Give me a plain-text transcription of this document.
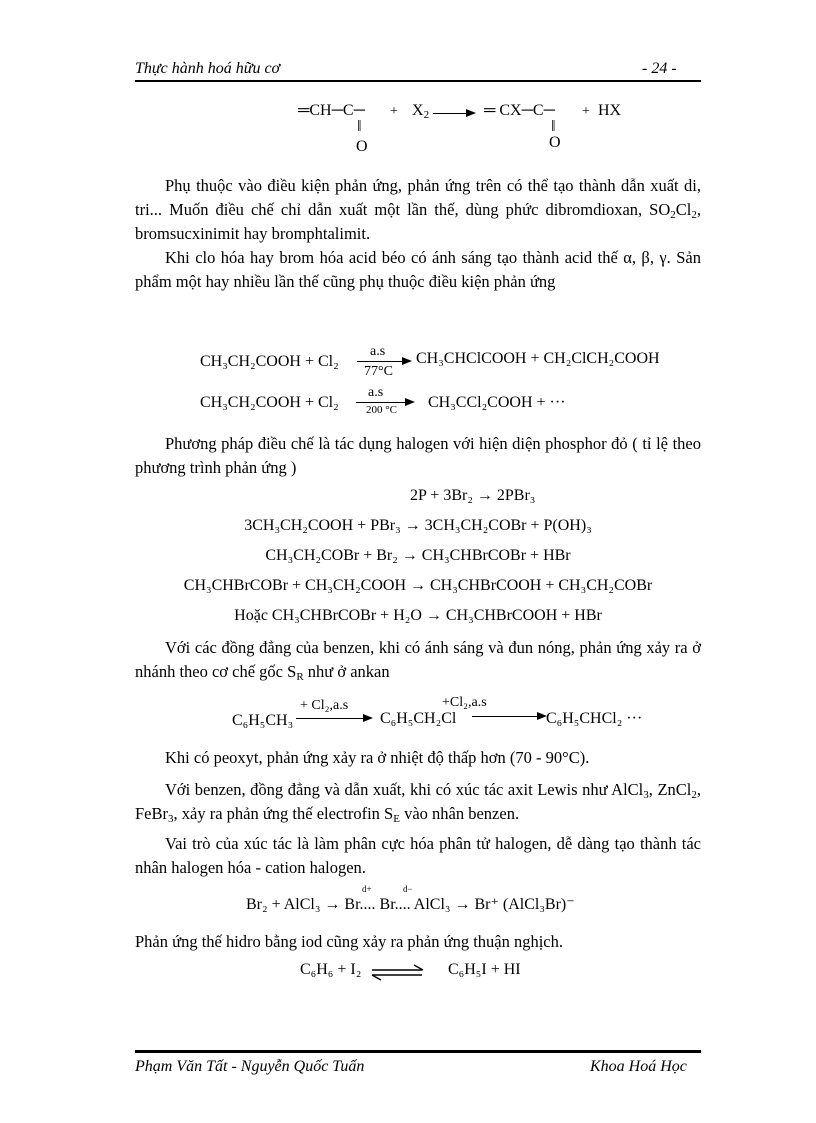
Thực hành hoá hữu cơ	- 24 -
═CH─C─ + $X_2$	═ CX─C─ + HX
‖
O
‖
O

Phụ thuộc vào điều kiện phản ứng, phản ứng trên có thể tạo thành dẫn xuất di, tri... Muốn điều chế chỉ dẫn xuất một lần thế, dùng phức dibromdioxan, $SO_2Cl_2$, bromsucxinimit hay bromphtalimit.

Khi clo hóa hay brom hóa acid béo có ánh sáng tạo thành acid thế α, β, γ. Sản phẩm một hay nhiều lần thế cũng phụ thuộc điều kiện phản ứng

CH₃CH₂COOH + Cl₂
a.s
77°C
CH₃CHClCOOH + CH₂ClCH₂COOH
CH₃CH₂COOH + Cl₂
a.s
200 °C CH₃CCl₂COOH + ···

Phương pháp điều chế là tác dụng halogen với hiện diện phosphor đỏ ( tỉ lệ theo phương trình phản ứng )

2P + 3Br₂ → 2PBr₃
3CH₃CH₂COOH + PBr₃ → 3CH₃CH₂COBr + P(OH)₃
CH₃CH₂COBr + Br₂ → CH₃CHBrCOBr + HBr
CH₃CHBrCOBr + CH₃CH₂COOH → CH₃CHBrCOOH + CH₃CH₂COBr
Hoặc CH₃CHBrCOBr + H₂O → CH₃CHBrCOOH + HBr

Với các đồng đẳng của benzen, khi có ánh sáng và đun nóng, phản ứng xảy ra ở nhánh theo cơ chế gốc $S_R$ như ở ankan

C₆H₅CH₃
+ Cl₂,a.s
C₆H₅CH₂Cl
+Cl₂,a.s
C₆H₅CHCl₂ ···

Khi có peoxyt, phản ứng xảy ra ở nhiệt độ thấp hơn (70 - 90°C).

Với benzen, đồng đẳng và dẫn xuất, khi có xúc tác axit Lewis như AlCl$_3$, ZnCl$_2$, FeBr$_3$, xảy ra phản ứng thế electrofin $S_E$ vào nhân benzen.

Vai trò của xúc tác là làm phân cực hóa phân tử halogen, dễ dàng tạo thành tác nhân halogen hóa - cation halogen.

d+	d−
Br₂ + AlCl₃ → Br.... Br.... AlCl₃ → Br⁺ (AlCl₃Br)⁻

Phản ứng thế hidro bằng iod cũng xảy ra phản ứng thuận nghịch.

C₆H₆ + I₂ ⇌ C₆H₅I + HI
Phạm Văn Tất - Nguyễn Quốc Tuấn	Khoa Hoá Học
